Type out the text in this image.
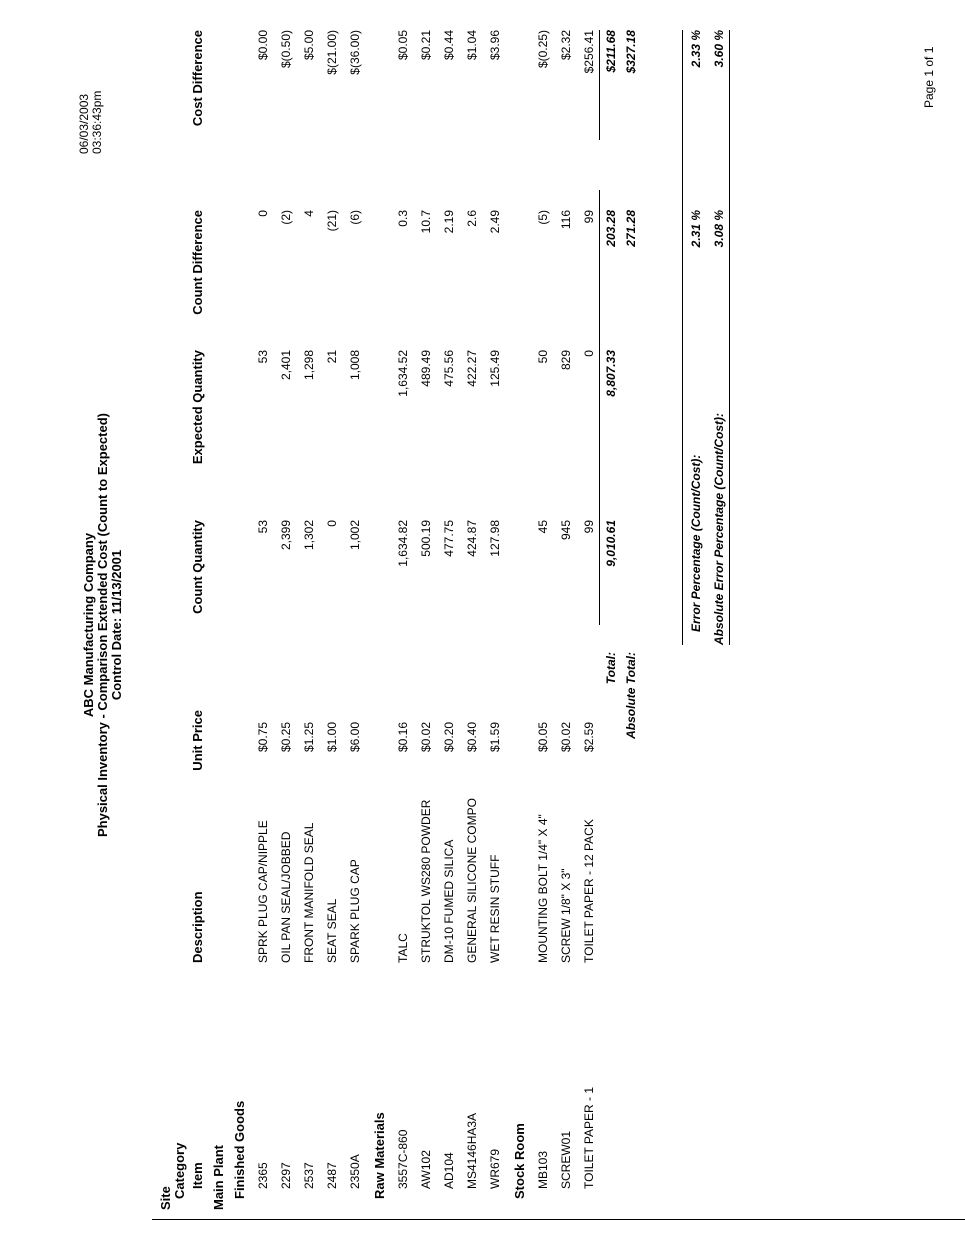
ABC Manufacturing Company Physical Inventory - Comparison Extended Cost (Count to Expected) Control Date: 11/13/2001
06/03/2003 03:36:43pm
Site Category Item
Description
Unit Price
Count Quantity
Expected Quantity
Count Difference
Cost Difference
Main Plant Finished Goods 2365
SPRK PLUG CAP/NIPPLE
$0.75
53
53
0
$0.00
2297
OIL PAN SEAL/JOBBED
$0.25
2,399
2,401
(2)
$(0.50)
2537
FRONT MANIFOLD SEAL
$1.25
1,302
1,298
4
$5.00
2487
SEAT SEAL
$1.00
0
21
(21)
$(21.00)
2350A
SPARK PLUG CAP
$6.00
1,002
1,008
(6)
$(36.00)
Raw Materials 3557C-860
TALC
$0.16
1,634.82
1,634.52
0.3
$0.05
AW102
STRUKTOL WS280 POWDER
$0.02
500.19
489.49
10.7
$0.21
AD104
DM-10 FUMED SILICA
$0.20
477.75
475.56
2.19
$0.44
MS4146HA3A
GENERAL SILICONE COMPO
$0.40
424.87
422.27
2.6
$1.04
WR679
WET RESIN STUFF
$1.59
127.98
125.49
2.49
$3.96
Stock Room MB103
MOUNTING BOLT 1/4" X 4"
$0.05
45
50
(5)
$(0.25)
SCREW01
SCREW 1/8" X 3"
$0.02
945
829
116
$2.32
TOILET PAPER - 1
TOILET PAPER - 12 PACK
$2.59
99
0
99
$256.41
Total:
9,010.61
8,807.33
203.28
$211.68
Absolute Total:
271.28
$327.18
Error Percentage (Count/Cost):
2.31 %
2.33 %
Absolute Error Percentage (Count/Cost):
3.08 %
3.60 %	Page 1 of 1
